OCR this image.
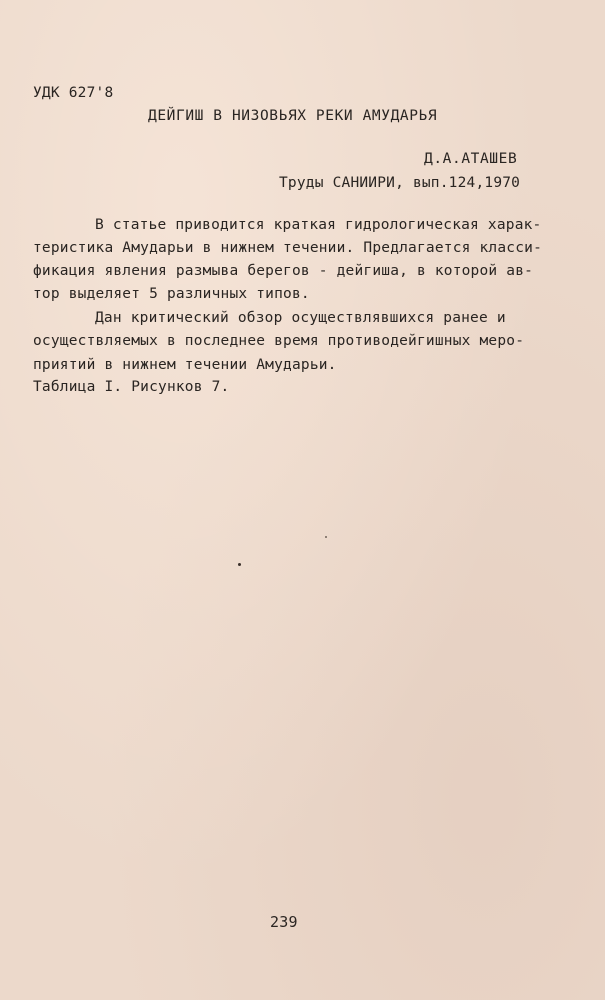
УДК 627'8
ДЕЙГИШ В НИЗОВЬЯХ РЕКИ АМУДАРЬЯ
Д.А.АТАШЕВ
Труды САНИИРИ, вып.124,1970
В статье приводится краткая гидрологическая харак-
теристика Амударьи в нижнем течении. Предлагается класси-
фикация явления размыва берегов - дейгиша, в которой ав-
тор выделяет 5 различных типов.
Дан критический обзор осуществлявшихся ранее и
осуществляемых в последнее время противодейгишных меро-
приятий в нижнем течении Амударьи.
Таблица I. Рисунков 7.
239
